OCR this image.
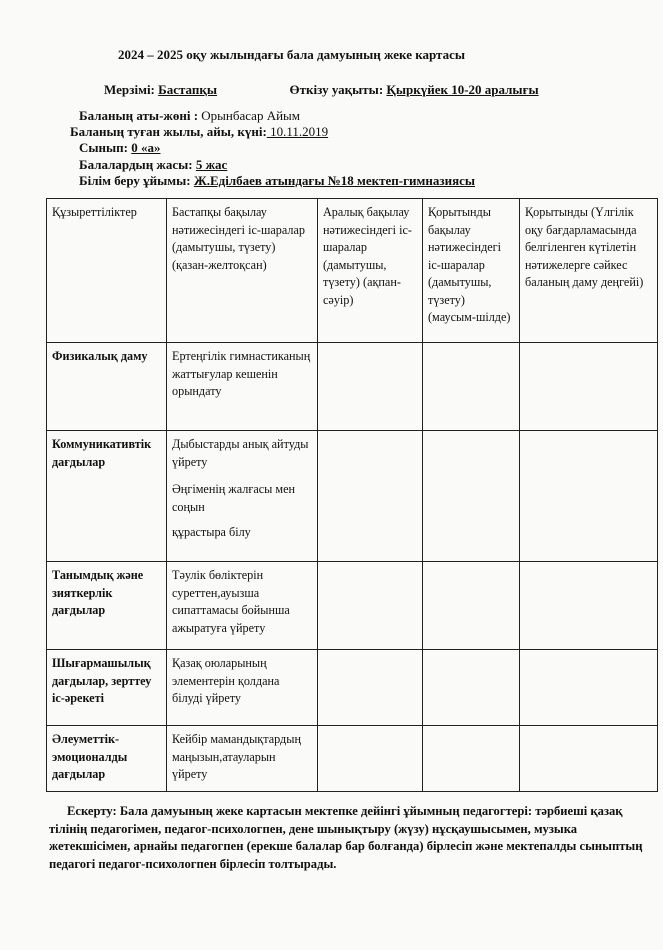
2024 – 2025 оқу жылындағы бала дамуының жеке картасы
Мерзімі: Бастапқы	Өткізу уақыты: Қыркүйек 10-20 аралығы
Баланың аты-жөні : Орынбасар Айым
Баланың туған жылы, айы, күні: 10.11.2019
Сынып: 0 «а»
Балалардың жасы: 5 жас
Білім беру ұйымы: Ж.Еділбаев атындағы №18 мектеп-гимназиясы
Құзыреттіліктер	Бастапқы бақылау нәтижесіндегі іс-шаралар (дамытушы, түзету) (қазан-желтоқсан)	Аралық бақылау нәтижесіндегі іс-шаралар (дамытушы, түзету) (ақпан-сәуір)	Қорытынды бақылау нәтижесіндегі іс-шаралар (дамытушы, түзету) (маусым-шілде)	Қорытынды (Үлгілік оқу бағдарламасында белгіленген күтілетін нәтижелерге сәйкес баланың даму деңгейі)
Физикалық даму	Ертеңгілік гимнастиканың жаттығулар кешенін орындату			

Коммуникативтік дағдылар	Дыбыстарды анық айтуды үйрету
Әңгіменің жалғасы мен соңын
құрастыра білу			

Танымдық және зияткерлік дағдылар	Тәулік бөліктерін суреттен,ауызша сипаттамасы бойынша ажыратуға үйрету			

Шығармашылық дағдылар, зерттеу іс-әрекеті	Қазақ оюларының элементерін қолдана білуді үйрету			

Әлеуметтік-эмоционалды дағдылар	Кейбір мамандықтардың маңызын,атауларын үйрету			

Ескерту: Бала дамуының жеке картасын мектепке дейінгі ұйымның педагогтері: тәрбиеші қазақ тілінің педагогімен, педагог-психологпен, дене шынықтыру (жүзу) нұсқаушысымен, музыка жетекшісімен, арнайы педагогпен (ерекше балалар бар болғанда) бірлесіп және мектепалды сыныптың педагогі педагог-психологпен бірлесіп толтырады.
